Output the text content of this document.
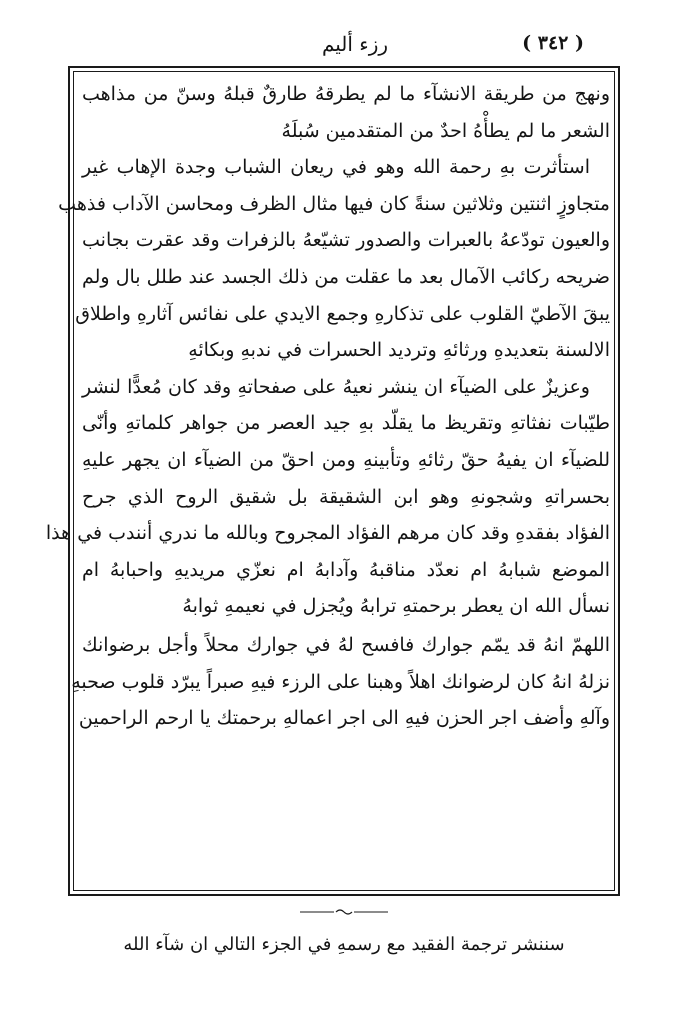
( ٣٤٢ )
رزء أليم
ونهج من طريقة الانشآء ما لم يطرقهُ طارقٌ قبلهُ وسنّ من مذاهب
الشعر ما لم يطأْهُ احدٌ من المتقدمين سُبلَهُ
استأثرت بهِ رحمة الله وهو في ريعان الشباب وجدة الإهاب غير
متجاوزٍ اثنتين وثلاثين سنةً كان فيها مثال الظرف ومحاسن الآداب فذهب
والعيون تودّعهُ بالعبرات والصدور تشيّعهُ بالزفرات وقد عقرت بجانب
ضريحه ركائب الآمال بعد ما عقلت من ذلك الجسد عند طلل بال ولم
يبقَ الآطيّ القلوب على تذكارهِ وجمع الايدي على نفائس آثارهِ واطلاق
الالسنة بتعديدهِ ورثائهِ وترديد الحسرات في ندبهِ وبكائهِ
وعزيزٌ على الضيآء ان ينشر نعيهُ على صفحاتهِ وقد كان مُعدًّا لنشر
طيّبات نفثاتهِ وتقريظ ما يقلّد بهِ جيد العصر من جواهر كلماتهِ وأنّى
للضيآء ان يفيهُ حقّ رثائهِ وتأبينهِ ومن احقّ من الضيآء ان يجهر عليهِ
بحسراتهِ وشجونهِ وهو ابن الشقيقة بل شقيق الروح الذي جرح
الفؤاد بفقدهِ وقد كان مرهم الفؤاد المجروح وبالله ما ندري أنندب في هذا
الموضع شبابهُ ام نعدّد مناقبهُ وآدابهُ ام نعزّي مريديهِ واحبابهُ ام
نسأل الله ان يعطر برحمتهِ ترابهُ ويُجزل في نعيمهِ ثوابهُ
اللهمّ انهُ قد يمّم جوارك فافسح لهُ في جوارك محلاً وأجل برضوانك
نزلهُ انهُ كان لرضوانك اهلاً وهبنا على الرزء فيهِ صبراً يبرّد قلوب صحبهِ
وآلهِ وأضف اجر الحزن فيهِ الى اجر اعمالهِ برحمتك يا ارحم الراحمين
سننشر ترجمة الفقيد مع رسمهِ في الجزء التالي ان شآء الله
